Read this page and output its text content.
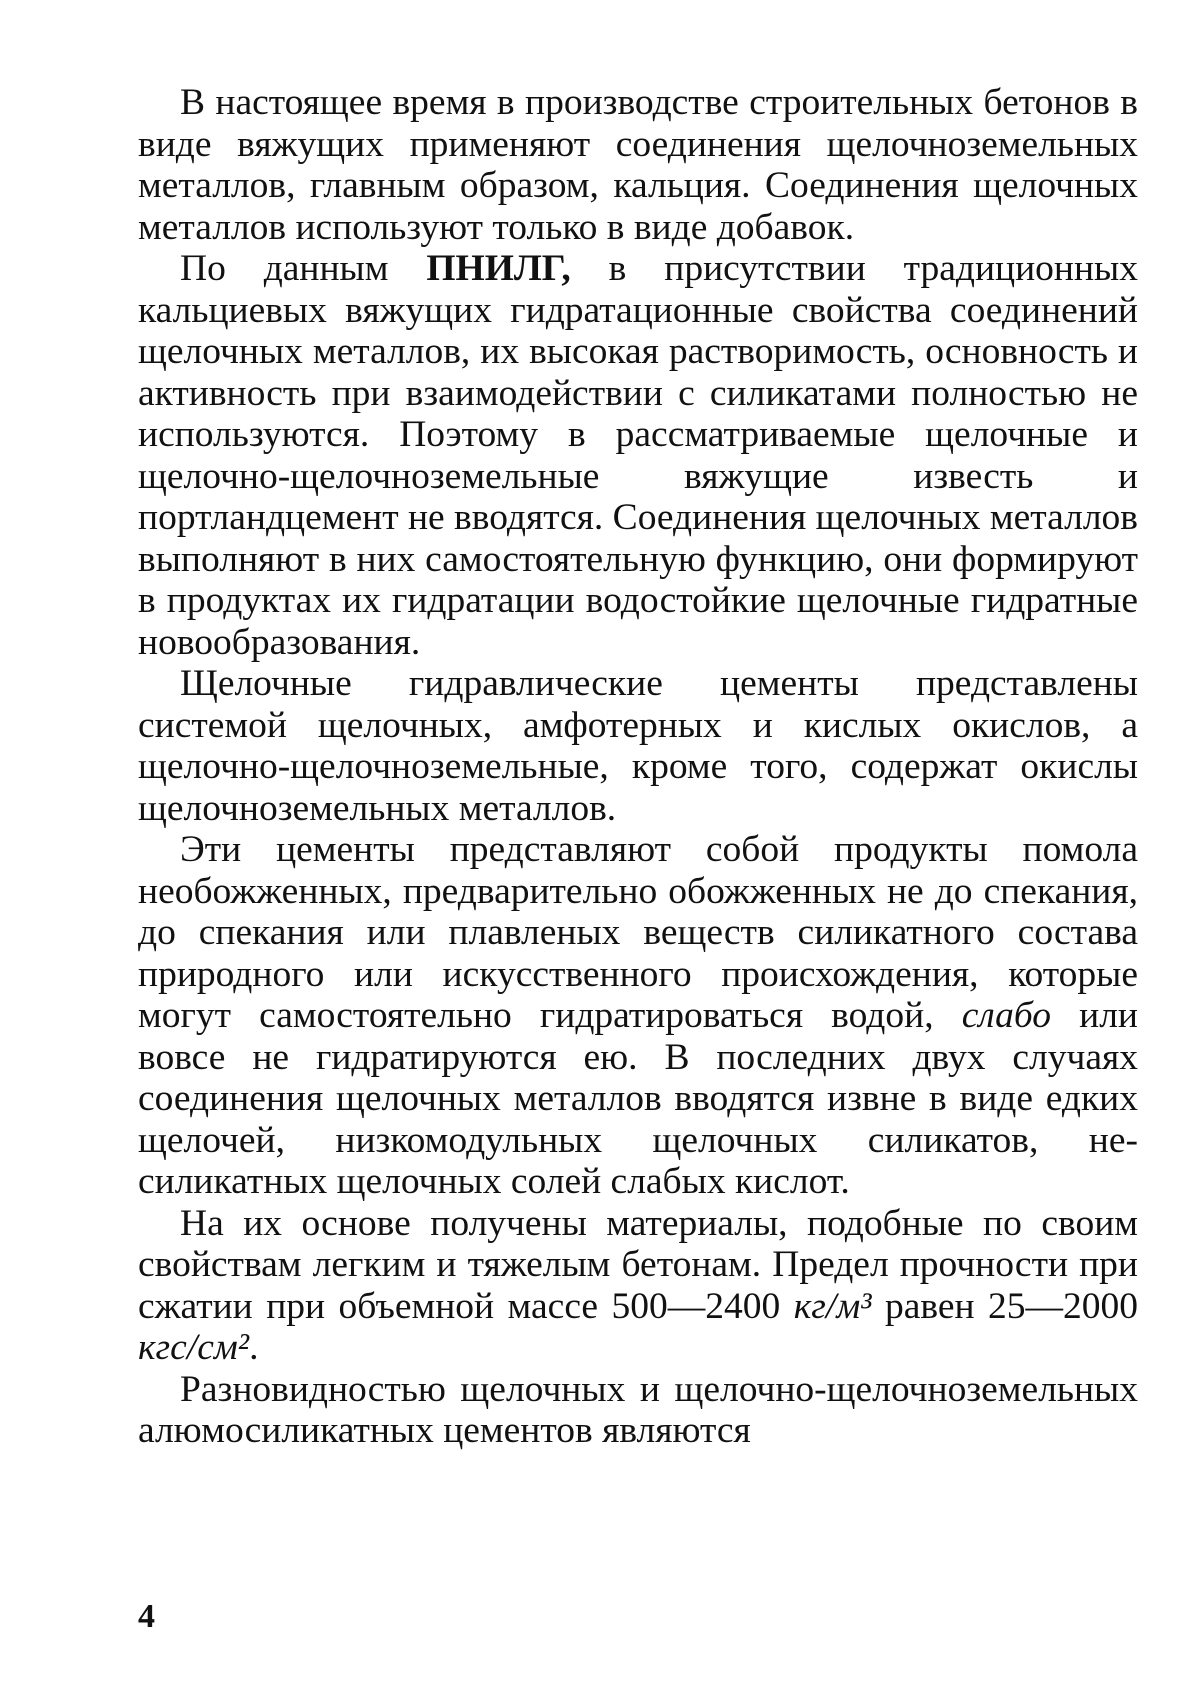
В настоящее время в производстве строительных бетонов в виде вяжущих применяют соединения щелочноземельных металлов, главным образом, кальция. Соединения щелочных металлов используют только в виде добавок.

По данным ПНИЛГ, в присутствии традиционных кальциевых вяжущих гидратационные свойства соединений щелочных металлов, их высокая растворимость, основность и активность при взаимодействии с силикатами полностью не используются. Поэтому в рассматриваемые щелочные и щелочно-щелочноземельные вяжущие известь и портландцемент не вводятся. Соединения щелочных металлов выполняют в них самостоятельную функцию, они формируют в продуктах их гидратации водостойкие щелочные гидратные новообразования.

Щелочные гидравлические цементы представлены системой щелочных, амфотерных и кислых окислов, а щелочно-щелочноземельные, кроме того, содержат окислы щелочноземельных металлов.

Эти цементы представляют собой продукты помола необожженных, предварительно обожженных не до спекания, до спекания или плавленых веществ силикатного состава природного или искусственного происхождения, которые могут самостоятельно гидратироваться водой, слабо или вовсе не гидратируются ею. В последних двух случаях соединения щелочных металлов вводятся извне в виде едких щелочей, низкомодульных щелочных силикатов, несиликатных щелочных солей слабых кислот.

На их основе получены материалы, подобные по своим свойствам легким и тяжелым бетонам. Предел прочности при сжатии при объемной массе 500—2400 кг/м³ равен 25—2000 кгс/см².

Разновидностью щелочных и щелочно-щелочноземельных алюмосиликатных цементов являются

4
